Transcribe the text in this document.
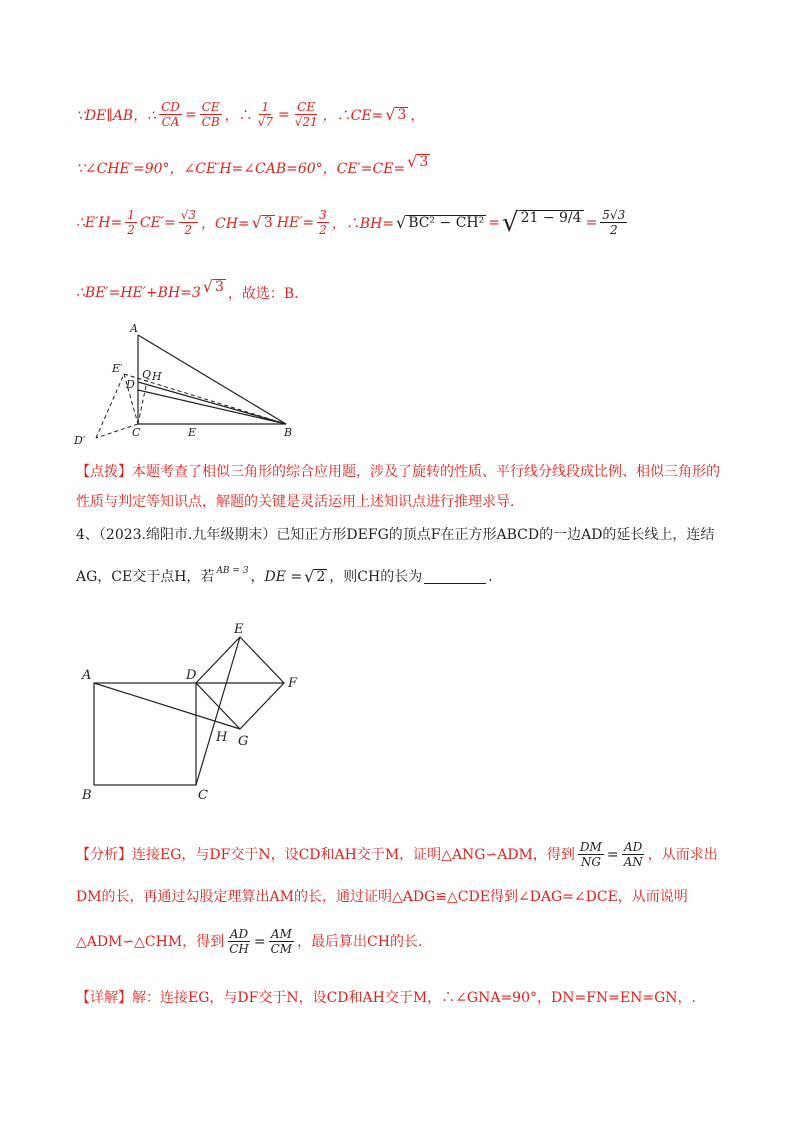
∵DE∥AB，∴ $\frac{CD}{CA} = \frac{CE}{CB}$ ，∴ $\frac{1}{√7} = \frac{CE}{√21}$ ，∴CE= √ 3 ，
∵∠CHE′=90°，∠CE′H=∠CAB=60°，CE′=CE= √ 3
∴E′H= $\frac{1}{2} CE'= \frac{√3}{2}$ ，CH= √ 3 $HE'= \frac{3}{2}$ ，∴BH= √ BC² − CH² = √ $21 - 9/4 = \frac{5√3}{2}$
∴BE′=HE′+BH=3 √ 3 ，故选：B．
A
E′
D
Q H
C	E	B
D′
【点拨】本题考查了相似三角形的综合应用题，涉及了旋转的性质、平行线分线段成比例、相似三角形的
性质与判定等知识点，解题的关键是灵活运用上述知识点进行推理求导．
4、（2023.绵阳市.九年级期末）已知正方形DEFG的顶点F在正方形ABCD的一边AD的延长线上，连结
AG，CE交于点H，若 AB = 3 ， DE = √ 2 ，则CH的长为	．
A	D
E
F
H G
B	C
【分析】 连接EG，与DF交于N，设CD和AH交于M，证明△ANG∽ADM，得到 $\frac{DM}{NG} = \frac{AD}{AN}$ ，从而求出
DM的长，再通过勾股定理算出AM的长，通过证明△ADG≌△CDE得到∠DAG=∠DCE，从而说明
△ADM∽△CHM，得到 $\frac{AD}{CH} = \frac{AM}{CM}$ ，最后算出CH的长.
【详解】解：连接EG，与DF交于N，设CD和AH交于M，∴∠GNA=90°，DN=FN=EN=GN，.
